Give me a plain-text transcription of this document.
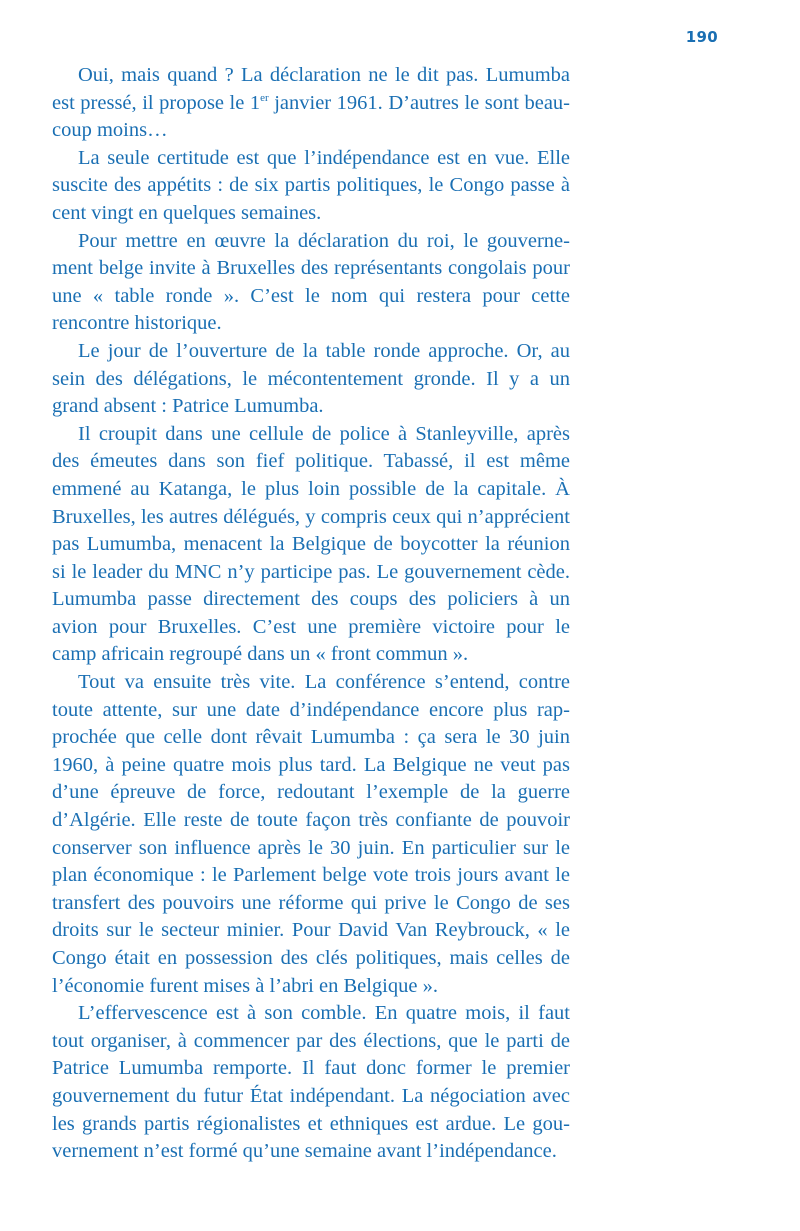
190

Oui, mais quand ? La déclaration ne le dit pas. Lumumba est pressé, il propose le 1er janvier 1961. D’autres le sont beaucoup moins…

La seule certitude est que l’indépendance est en vue. Elle suscite des appétits : de six partis politiques, le Congo passe à cent vingt en quelques semaines.

Pour mettre en œuvre la déclaration du roi, le gouvernement belge invite à Bruxelles des représentants congolais pour une « table ronde ». C’est le nom qui restera pour cette rencontre historique.

Le jour de l’ouverture de la table ronde approche. Or, au sein des délégations, le mécontentement gronde. Il y a un grand absent : Patrice Lumumba.

Il croupit dans une cellule de police à Stanleyville, après des émeutes dans son fief politique. Tabassé, il est même emmené au Katanga, le plus loin possible de la capitale. À Bruxelles, les autres délégués, y compris ceux qui n’apprécient pas Lumumba, menacent la Belgique de boycotter la réunion si le leader du MNC n’y participe pas. Le gouvernement cède. Lumumba passe directement des coups des policiers à un avion pour Bruxelles. C’est une première victoire pour le camp africain regroupé dans un « front commun ».

Tout va ensuite très vite. La conférence s’entend, contre toute attente, sur une date d’indépendance encore plus rapprochée que celle dont rêvait Lumumba : ça sera le 30 juin 1960, à peine quatre mois plus tard. La Belgique ne veut pas d’une épreuve de force, redoutant l’exemple de la guerre d’Algérie. Elle reste de toute façon très confiante de pouvoir conserver son influence après le 30 juin. En particulier sur le plan économique : le Parlement belge vote trois jours avant le transfert des pouvoirs une réforme qui prive le Congo de ses droits sur le secteur minier. Pour David Van Reybrouck, « le Congo était en possession des clés politiques, mais celles de l’économie furent mises à l’abri en Belgique ».

L’effervescence est à son comble. En quatre mois, il faut tout organiser, à commencer par des élections, que le parti de Patrice Lumumba remporte. Il faut donc former le premier gouvernement du futur État indépendant. La négociation avec les grands partis régionalistes et ethniques est ardue. Le gouvernement n’est formé qu’une semaine avant l’indépendance.
